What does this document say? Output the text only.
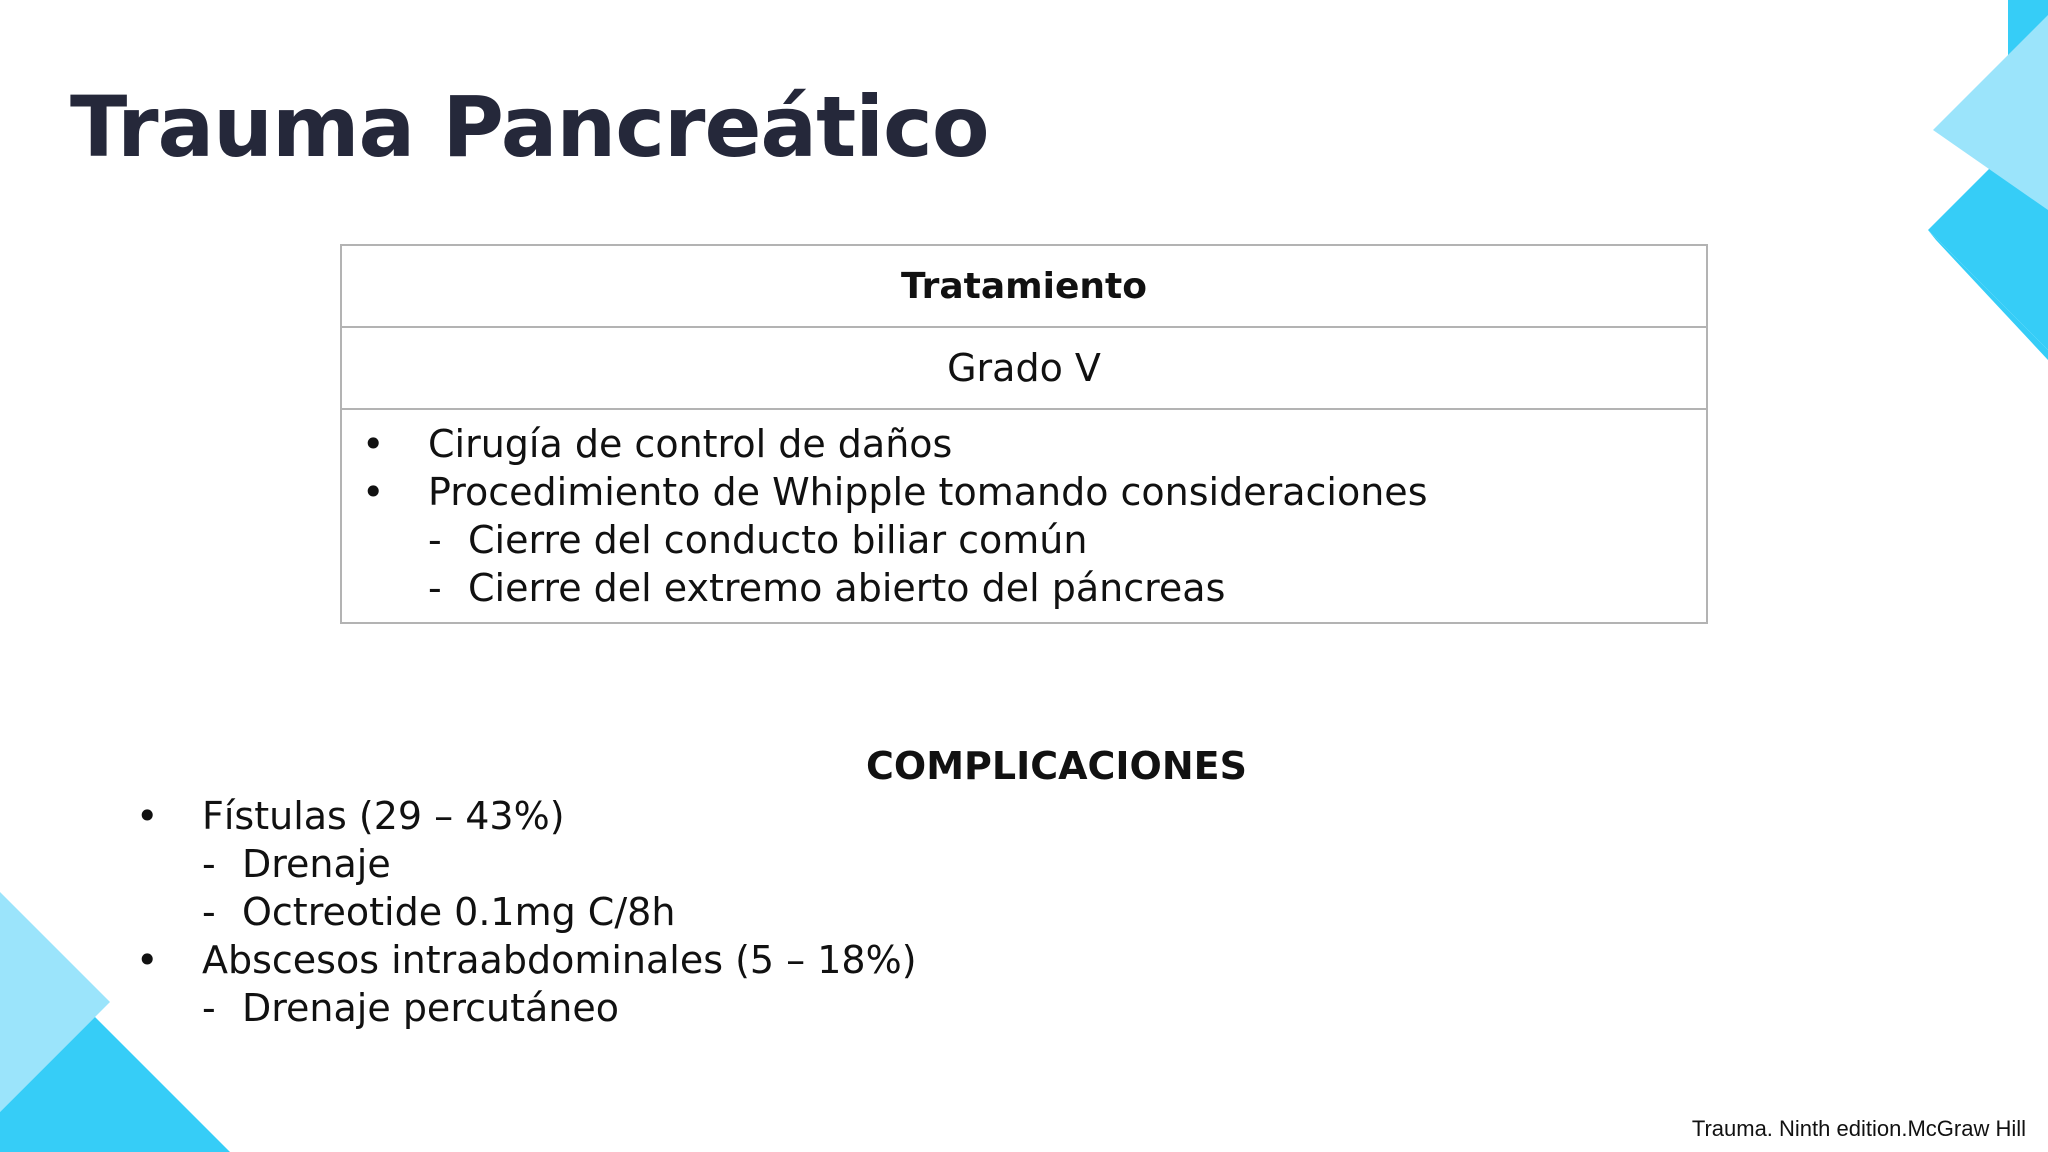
Trauma Pancreático
Tratamiento
Grado V

•	Cirugía de control de daños
•	Procedimiento de Whipple tomando consideraciones
- Cierre del conducto biliar común
- Cierre del extremo abierto del páncreas
COMPLICACIONES
•	Fístulas (29 – 43%)
- Drenaje
- Octreotide 0.1mg C/8h
•	Abscesos intraabdominales (5 – 18%)
- Drenaje percutáneo
Trauma. Ninth edition.McGraw Hill
